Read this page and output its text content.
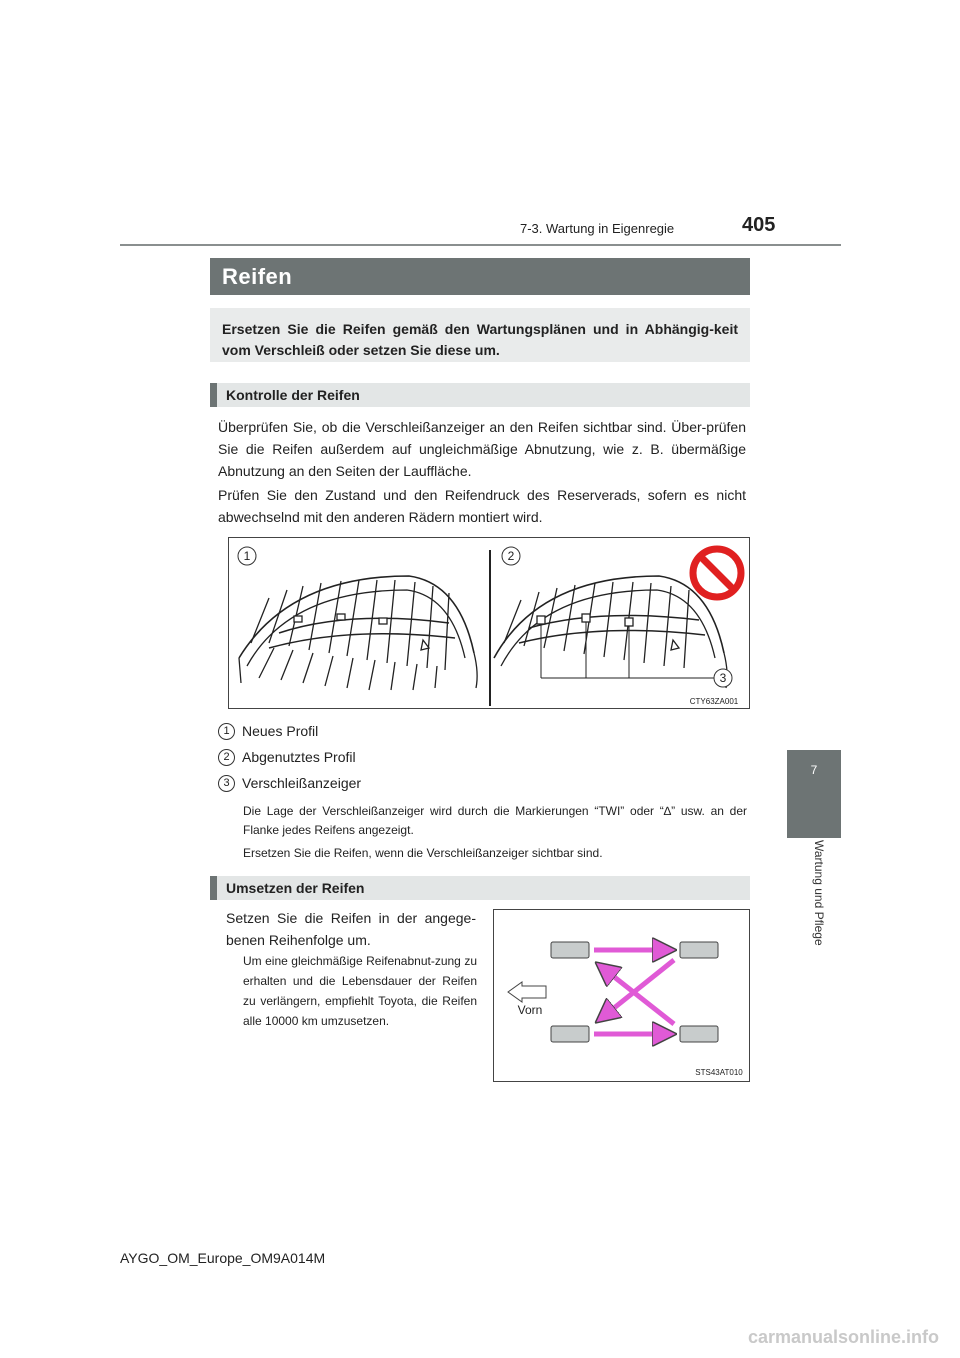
7-3. Wartung in Eigenregie	405
7
Wartung und Pflege
Reifen
Ersetzen Sie die Reifen gemäß den Wartungsplänen und in Abhängig-keit vom Verschleiß oder setzen Sie diese um.
Kontrolle der Reifen
Überprüfen Sie, ob die Verschleißanzeiger an den Reifen sichtbar sind. Über-prüfen Sie die Reifen außerdem auf ungleichmäßige Abnutzung, wie z. B. übermäßige Abnutzung an den Seiten der Lauffläche.
Prüfen Sie den Zustand und den Reifendruck des Reserverads, sofern es nicht abwechselnd mit den anderen Rädern montiert wird.
1	2
3
CTY63ZA001
1 Neues Profil
2 Abgenutztes Profil
3 Verschleißanzeiger
Die Lage der Verschleißanzeiger wird durch die Markierungen “TWI” oder “∆” usw. an der Flanke jedes Reifens angezeigt.
Ersetzen Sie die Reifen, wenn die Verschleißanzeiger sichtbar sind.
Umsetzen der Reifen
Setzen Sie die Reifen in der angege-benen Reihenfolge um.
Um eine gleichmäßige Reifenabnut-zung zu erhalten und die Lebensdauer der Reifen zu verlängern, empfiehlt Toyota, die Reifen alle 10000 km umzusetzen.
Vorn
STS43AT010
AYGO_OM_Europe_OM9A014M
carmanualsonline.info
